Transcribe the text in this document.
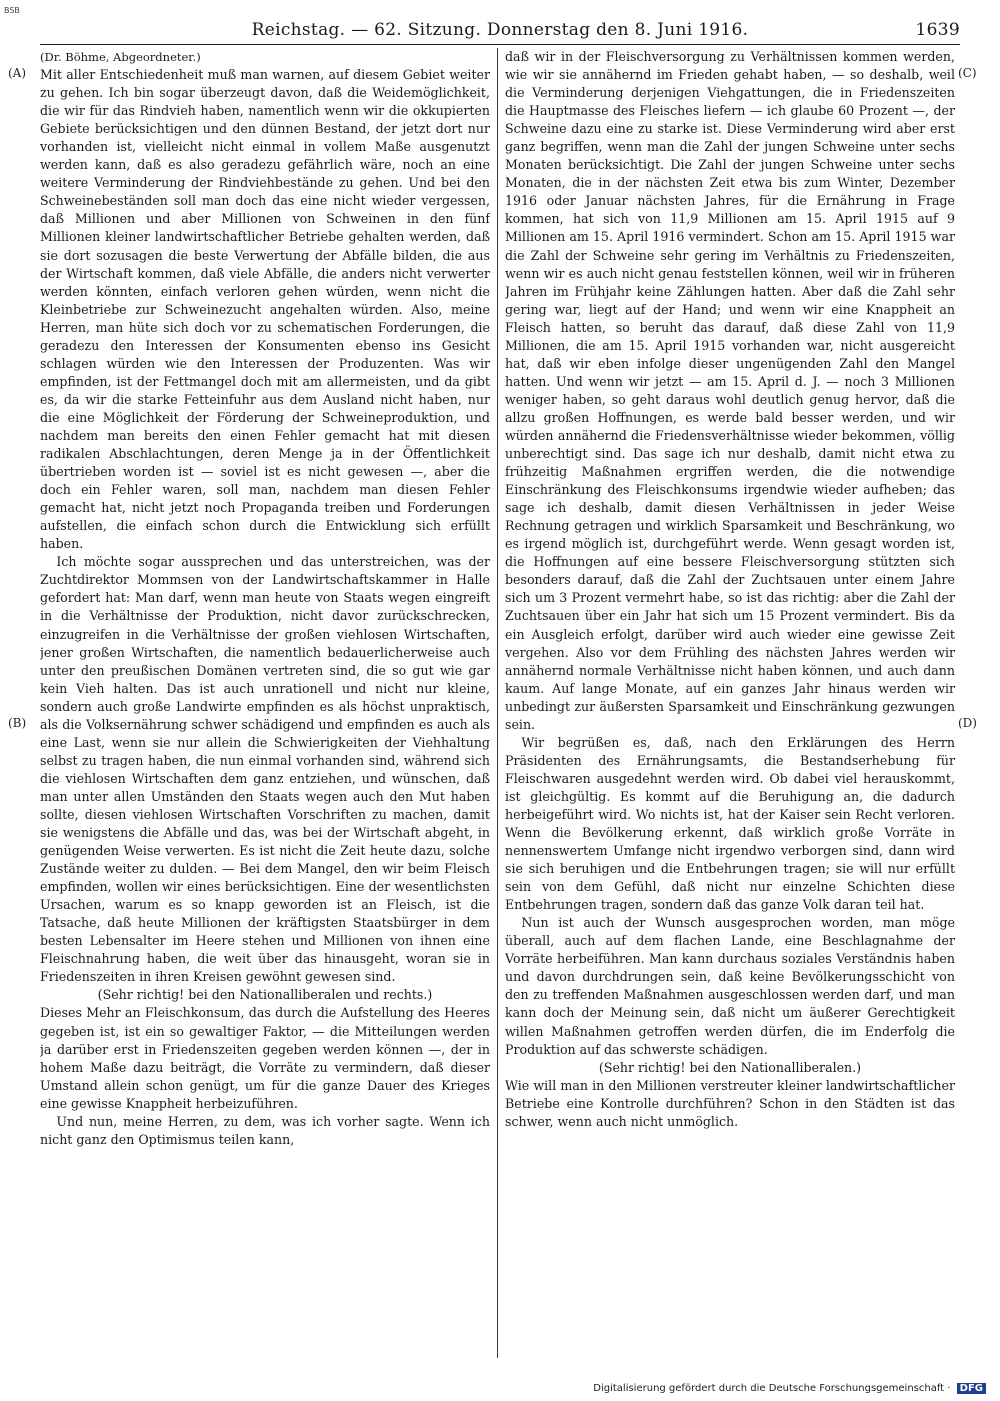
BSB
Reichstag. — 62. Sitzung. Donnerstag den 8. Juni 1916.	1639
(A)
(B)
(C)
(D)

(Dr. Böhme, Abgeordneter.)

Mit aller Entschiedenheit muß man warnen, auf diesem Gebiet weiter zu gehen. Ich bin sogar überzeugt davon, daß die Weidemöglichkeit, die wir für das Rindvieh haben, namentlich wenn wir die okkupierten Gebiete berücksichtigen und den dünnen Bestand, der jetzt dort nur vorhanden ist, vielleicht nicht einmal in vollem Maße ausgenutzt werden kann, daß es also geradezu gefährlich wäre, noch an eine weitere Verminderung der Rindviehbestände zu gehen. Und bei den Schweinebeständen soll man doch das eine nicht wieder vergessen, daß Millionen und aber Millionen von Schweinen in den fünf Millionen kleiner landwirtschaftlicher Betriebe gehalten werden, daß sie dort sozusagen die beste Verwertung der Abfälle bilden, die aus der Wirtschaft kommen, daß viele Abfälle, die anders nicht verwerter werden könnten, einfach verloren gehen würden, wenn nicht die Kleinbetriebe zur Schweinezucht angehalten würden. Also, meine Herren, man hüte sich doch vor zu schematischen Forderungen, die geradezu den Interessen der Konsumenten ebenso ins Gesicht schlagen würden wie den Interessen der Produzenten. Was wir empfinden, ist der Fettmangel doch mit am allermeisten, und da gibt es, da wir die starke Fetteinfuhr aus dem Ausland nicht haben, nur die eine Möglichkeit der Förderung der Schweineproduktion, und nachdem man bereits den einen Fehler gemacht hat mit diesen radikalen Abschlachtungen, deren Menge ja in der Öffentlichkeit übertrieben worden ist — soviel ist es nicht gewesen —, aber die doch ein Fehler waren, soll man, nachdem man diesen Fehler gemacht hat, nicht jetzt noch Propaganda treiben und Forderungen aufstellen, die einfach schon durch die Entwicklung sich erfüllt haben.

Ich möchte sogar aussprechen und das unterstreichen, was der Zuchtdirektor Mommsen von der Landwirtschaftskammer in Halle gefordert hat: Man darf, wenn man heute von Staats wegen eingreift in die Verhältnisse der Produktion, nicht davor zurückschrecken, einzugreifen in die Verhältnisse der großen viehlosen Wirtschaften, jener großen Wirtschaften, die namentlich bedauerlicherweise auch unter den preußischen Domänen vertreten sind, die so gut wie gar kein Vieh halten. Das ist auch unrationell und nicht nur kleine, sondern auch große Landwirte empfinden es als höchst unpraktisch, als die Volksernährung schwer schädigend und empfinden es auch als eine Last, wenn sie nur allein die Schwierigkeiten der Viehhaltung selbst zu tragen haben, die nun einmal vorhanden sind, während sich die viehlosen Wirtschaften dem ganz entziehen, und wünschen, daß man unter allen Umständen den Staats wegen auch den Mut haben sollte, diesen viehlosen Wirtschaften Vorschriften zu machen, damit sie wenigstens die Abfälle und das, was bei der Wirtschaft abgeht, in genügenden Weise verwerten. Es ist nicht die Zeit heute dazu, solche Zustände weiter zu dulden. — Bei dem Mangel, den wir beim Fleisch empfinden, wollen wir eines berücksichtigen. Eine der wesentlichsten Ursachen, warum es so knapp geworden ist an Fleisch, ist die Tatsache, daß heute Millionen der kräftigsten Staatsbürger in dem besten Lebensalter im Heere stehen und Millionen von ihnen eine Fleischnahrung haben, die weit über das hinausgeht, woran sie in Friedenszeiten in ihren Kreisen gewöhnt gewesen sind.

(Sehr richtig! bei den Nationalliberalen und rechts.)

Dieses Mehr an Fleischkonsum, das durch die Aufstellung des Heeres gegeben ist, ist ein so gewaltiger Faktor, — die Mitteilungen werden ja darüber erst in Friedenszeiten gegeben werden können —, der in hohem Maße dazu beiträgt, die Vorräte zu vermindern, daß dieser Umstand allein schon genügt, um für die ganze Dauer des Krieges eine gewisse Knappheit herbeizuführen.

Und nun, meine Herren, zu dem, was ich vorher sagte. Wenn ich nicht ganz den Optimismus teilen kann,

daß wir in der Fleischversorgung zu Verhältnissen kommen werden, wie wir sie annähernd im Frieden gehabt haben, — so deshalb, weil die Verminderung derjenigen Viehgattungen, die in Friedenszeiten die Hauptmasse des Fleisches liefern — ich glaube 60 Prozent —, der Schweine dazu eine zu starke ist. Diese Verminderung wird aber erst ganz begriffen, wenn man die Zahl der jungen Schweine unter sechs Monaten berücksichtigt. Die Zahl der jungen Schweine unter sechs Monaten, die in der nächsten Zeit etwa bis zum Winter, Dezember 1916 oder Januar nächsten Jahres, für die Ernährung in Frage kommen, hat sich von 11,9 Millionen am 15. April 1915 auf 9 Millionen am 15. April 1916 vermindert. Schon am 15. April 1915 war die Zahl der Schweine sehr gering im Verhältnis zu Friedenszeiten, wenn wir es auch nicht genau feststellen können, weil wir in früheren Jahren im Frühjahr keine Zählungen hatten. Aber daß die Zahl sehr gering war, liegt auf der Hand; und wenn wir eine Knappheit an Fleisch hatten, so beruht das darauf, daß diese Zahl von 11,9 Millionen, die am 15. April 1915 vorhanden war, nicht ausgereicht hat, daß wir eben infolge dieser ungenügenden Zahl den Mangel hatten. Und wenn wir jetzt — am 15. April d. J. — noch 3 Millionen weniger haben, so geht daraus wohl deutlich genug hervor, daß die allzu großen Hoffnungen, es werde bald besser werden, und wir würden annähernd die Friedensverhältnisse wieder bekommen, völlig unberechtigt sind. Das sage ich nur deshalb, damit nicht etwa zu frühzeitig Maßnahmen ergriffen werden, die die notwendige Einschränkung des Fleischkonsums irgendwie wieder aufheben; das sage ich deshalb, damit diesen Verhältnissen in jeder Weise Rechnung getragen und wirklich Sparsamkeit und Beschränkung, wo es irgend möglich ist, durchgeführt werde. Wenn gesagt worden ist, die Hoffnungen auf eine bessere Fleischversorgung stützten sich besonders darauf, daß die Zahl der Zuchtsauen unter einem Jahre sich um 3 Prozent vermehrt habe, so ist das richtig: aber die Zahl der Zuchtsauen über ein Jahr hat sich um 15 Prozent vermindert. Bis da ein Ausgleich erfolgt, darüber wird auch wieder eine gewisse Zeit vergehen. Also vor dem Frühling des nächsten Jahres werden wir annähernd normale Verhältnisse nicht haben können, und auch dann kaum. Auf lange Monate, auf ein ganzes Jahr hinaus werden wir unbedingt zur äußersten Sparsamkeit und Einschränkung gezwungen sein.

Wir begrüßen es, daß, nach den Erklärungen des Herrn Präsidenten des Ernährungsamts, die Bestandserhebung für Fleischwaren ausgedehnt werden wird. Ob dabei viel herauskommt, ist gleichgültig. Es kommt auf die Beruhigung an, die dadurch herbeigeführt wird. Wo nichts ist, hat der Kaiser sein Recht verloren. Wenn die Bevölkerung erkennt, daß wirklich große Vorräte in nennenswertem Umfange nicht irgendwo verborgen sind, dann wird sie sich beruhigen und die Entbehrungen tragen; sie will nur erfüllt sein von dem Gefühl, daß nicht nur einzelne Schichten diese Entbehrungen tragen, sondern daß das ganze Volk daran teil hat.

Nun ist auch der Wunsch ausgesprochen worden, man möge überall, auch auf dem flachen Lande, eine Beschlagnahme der Vorräte herbeiführen. Man kann durchaus soziales Verständnis haben und davon durchdrungen sein, daß keine Bevölkerungsschicht von den zu treffenden Maßnahmen ausgeschlossen werden darf, und man kann doch der Meinung sein, daß nicht um äußerer Gerechtigkeit willen Maßnahmen getroffen werden dürfen, die im Enderfolg die Produktion auf das schwerste schädigen.

(Sehr richtig! bei den Nationalliberalen.)

Wie will man in den Millionen verstreuter kleiner landwirtschaftlicher Betriebe eine Kontrolle durchführen? Schon in den Städten ist das schwer, wenn auch nicht unmöglich.

Digitalisierung gefördert durch die Deutsche Forschungsgemeinschaft · DFG
